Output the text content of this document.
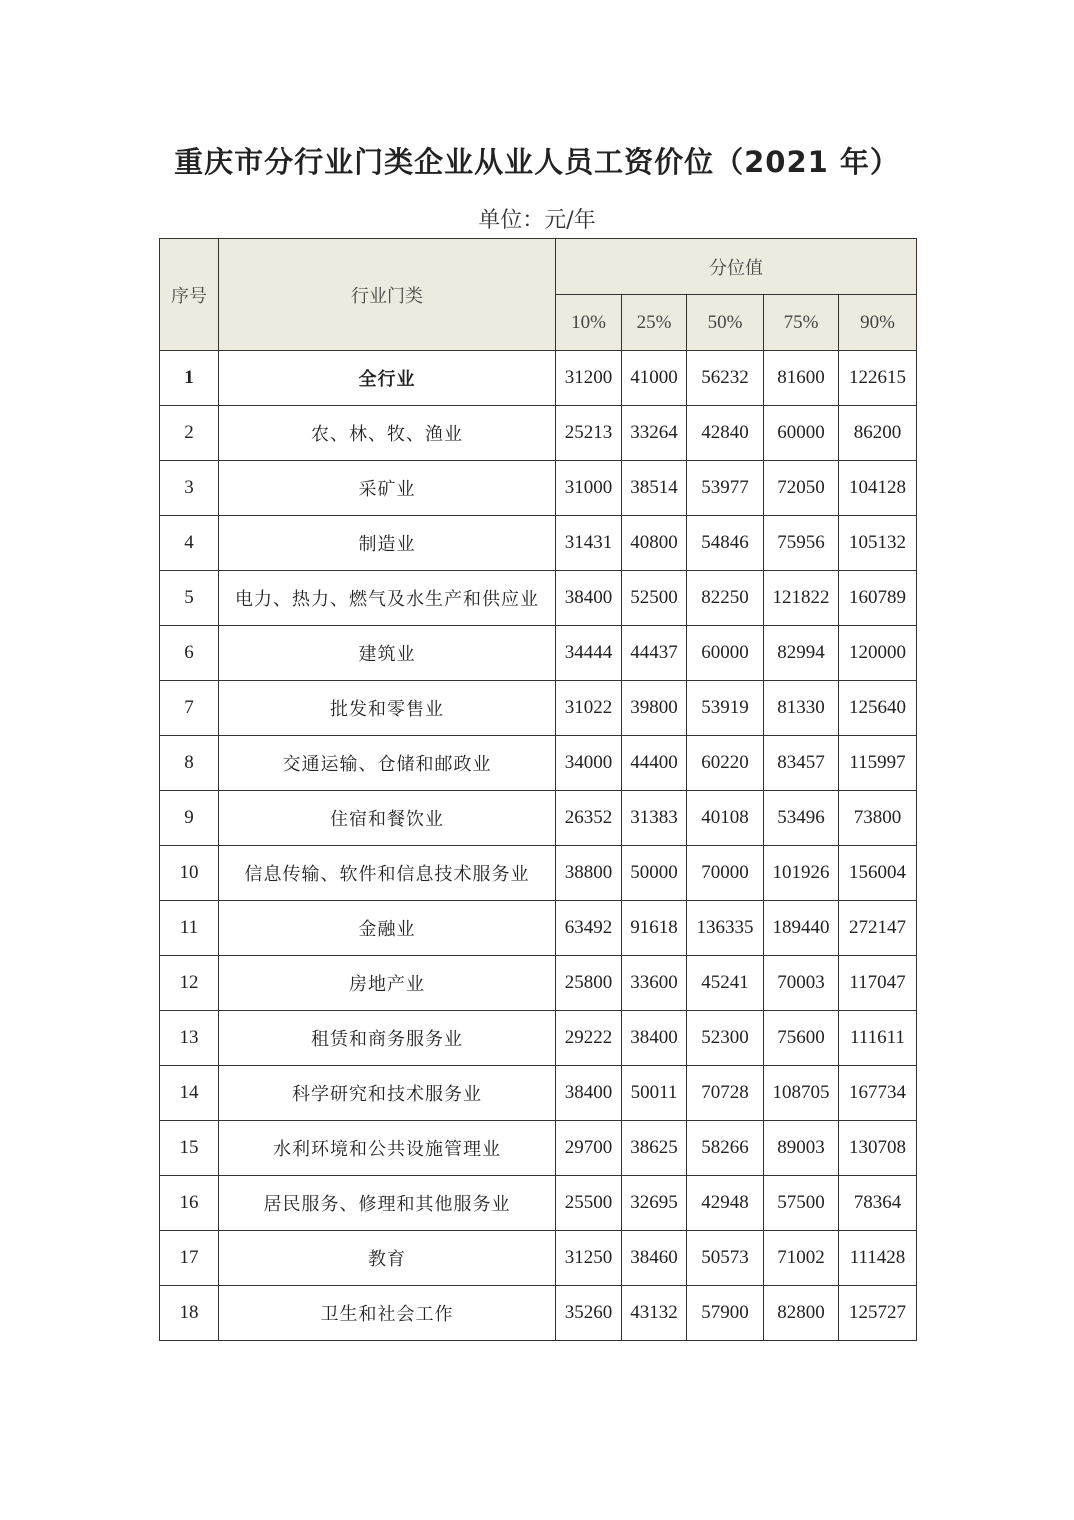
重庆市分行业门类企业从业人员工资价位（2021 年）
单位：元/年
序号	行业门类	分位值				
		10%	25%	50%	75%	90%
1	全行业	31200	41000	56232	81600	122615
2	农、林、牧、渔业	25213	33264	42840	60000	86200
3	采矿业	31000	38514	53977	72050	104128
4	制造业	31431	40800	54846	75956	105132
5	电力、热力、燃气及水生产和供应业	38400	52500	82250	121822	160789
6	建筑业	34444	44437	60000	82994	120000
7	批发和零售业	31022	39800	53919	81330	125640
8	交通运输、仓储和邮政业	34000	44400	60220	83457	115997
9	住宿和餐饮业	26352	31383	40108	53496	73800
10	信息传输、软件和信息技术服务业	38800	50000	70000	101926	156004
11	金融业	63492	91618	136335	189440	272147
12	房地产业	25800	33600	45241	70003	117047
13	租赁和商务服务业	29222	38400	52300	75600	111611
14	科学研究和技术服务业	38400	50011	70728	108705	167734
15	水利环境和公共设施管理业	29700	38625	58266	89003	130708
16	居民服务、修理和其他服务业	25500	32695	42948	57500	78364
17	教育	31250	38460	50573	71002	111428
18	卫生和社会工作	35260	43132	57900	82800	125727
